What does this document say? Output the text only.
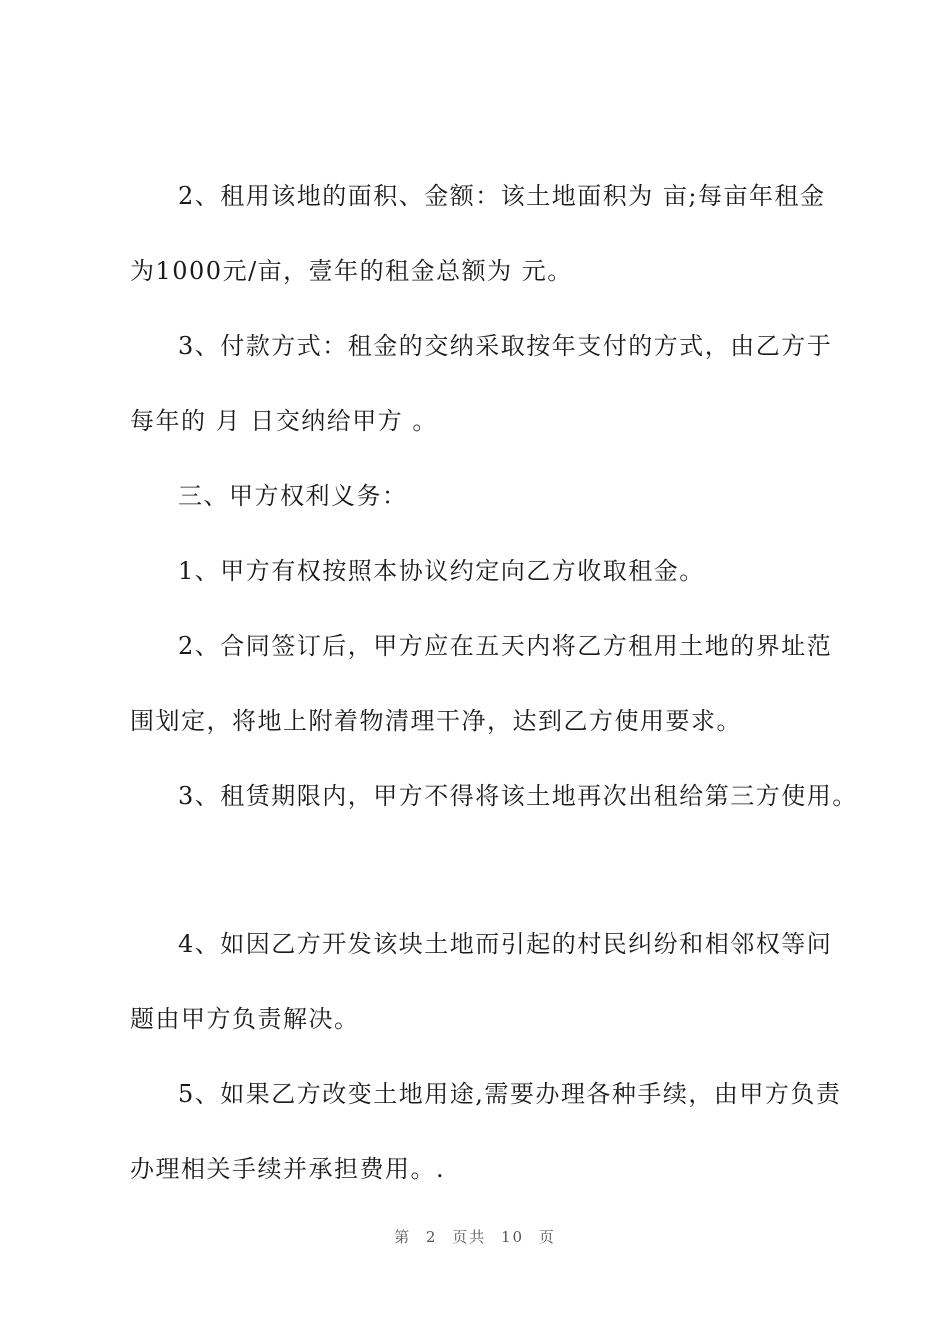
2、租用该地的面积、金额：该土地面积为 亩;每亩年租金
为1000元/亩，壹年的租金总额为 元。
3、付款方式：租金的交纳采取按年支付的方式，由乙方于
每年的 月 日交纳给甲方 。
三、甲方权利义务：
1、甲方有权按照本协议约定向乙方收取租金。
2、合同签订后，甲方应在五天内将乙方租用土地的界址范
围划定，将地上附着物清理干净，达到乙方使用要求。
3、租赁期限内，甲方不得将该土地再次出租给第三方使用。
4、如因乙方开发该块土地而引起的村民纠纷和相邻权等问
题由甲方负责解决。
5、如果乙方改变土地用途,需要办理各种手续，由甲方负责
办理相关手续并承担费用。.
第 2 页共 10 页
